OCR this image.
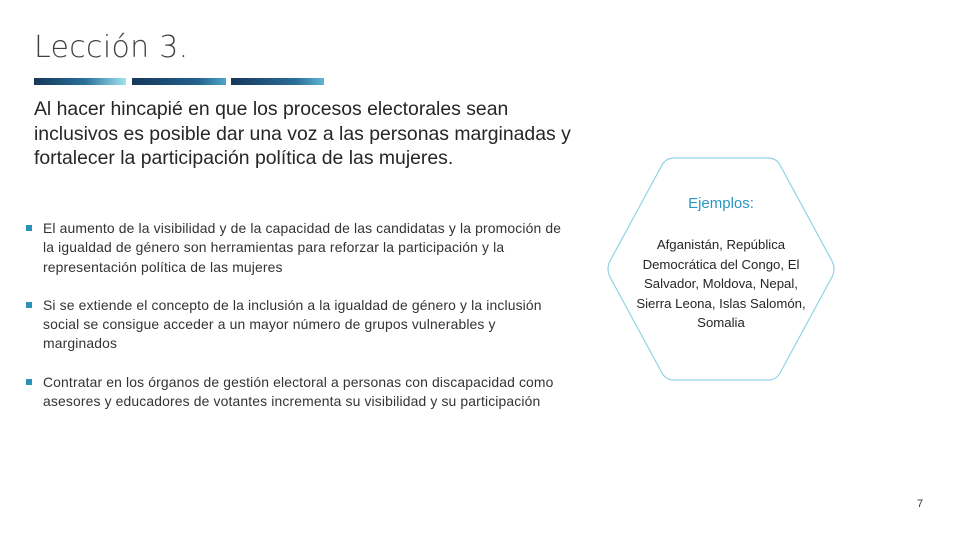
Lección 3.
Al hacer hincapié en que los procesos electorales sean inclusivos es posible dar una voz a las personas marginadas y fortalecer la participación política de las mujeres.
El aumento de la visibilidad y de la capacidad de las candidatas y la promoción de la igualdad de género son herramientas para reforzar la participación y la representación política de las mujeres
Si se extiende el concepto de la inclusión a la igualdad de género y la inclusión social se consigue acceder a un mayor número de grupos vulnerables y marginados
Contratar en los órganos de gestión electoral a personas con discapacidad como asesores y educadores de votantes incrementa su visibilidad y su participación
Ejemplos:
Afganistán, República Democrática del Congo, El Salvador, Moldova, Nepal, Sierra Leona, Islas Salomón, Somalia
7
